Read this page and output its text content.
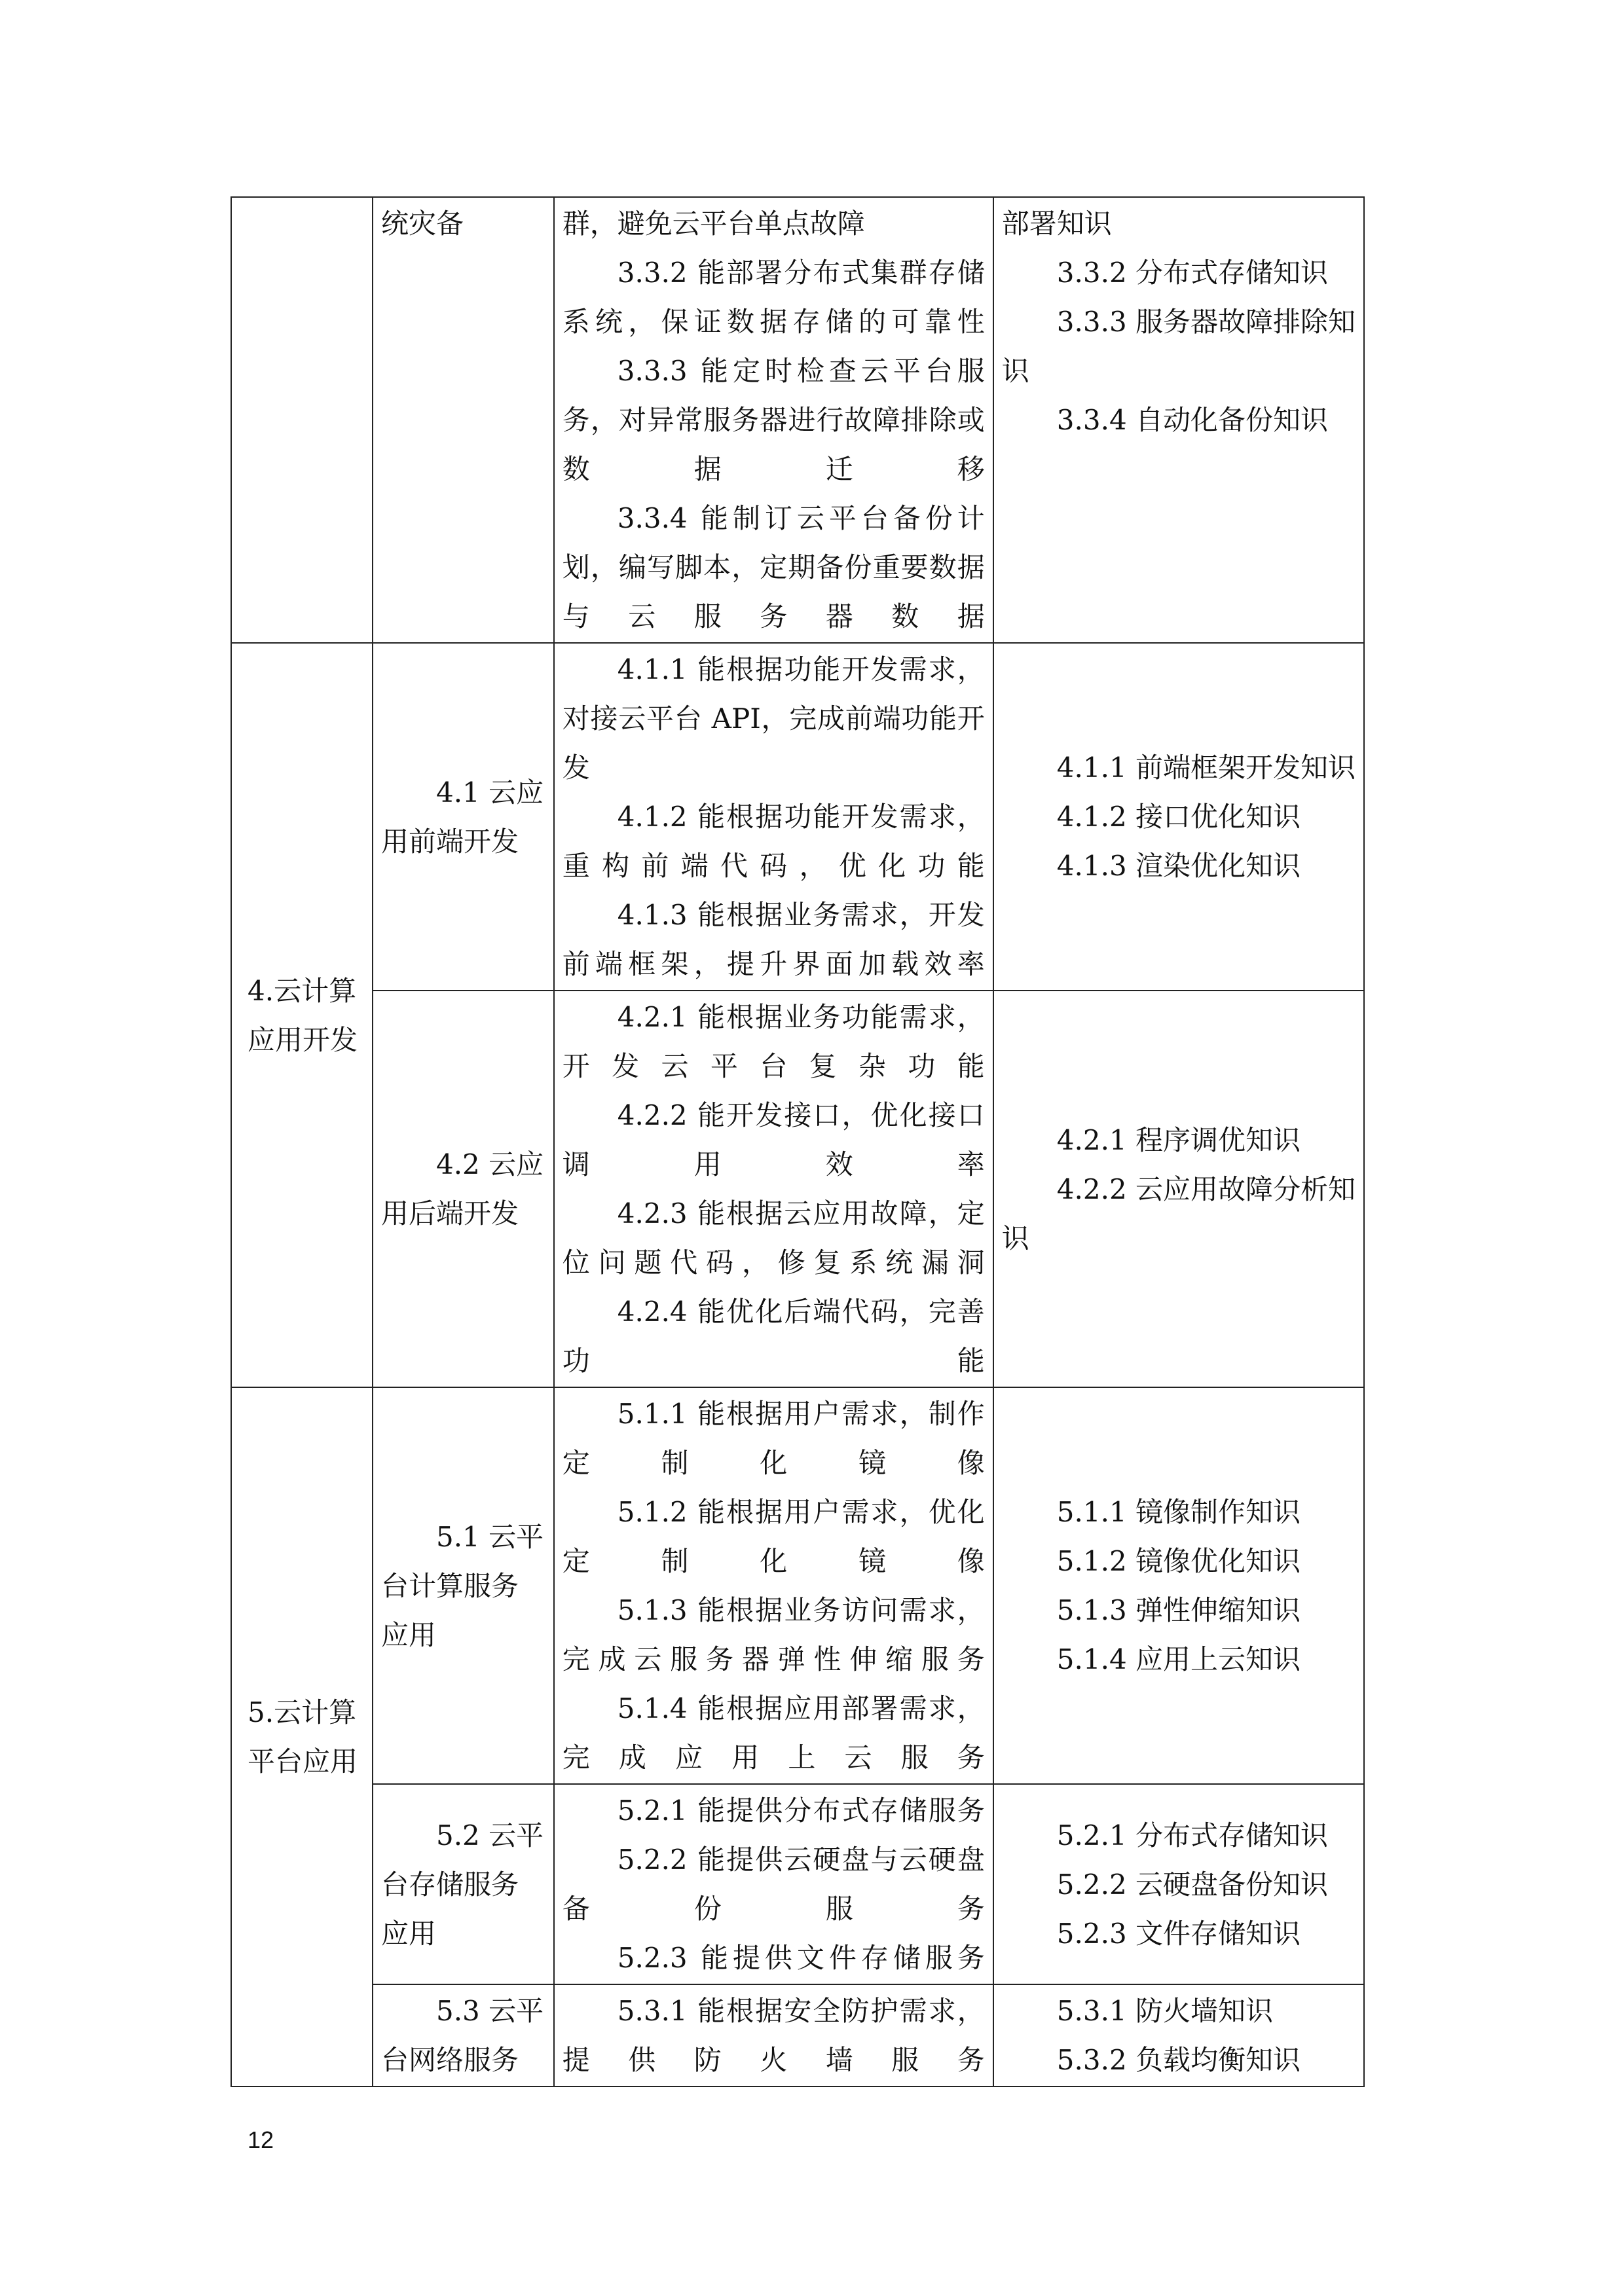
	统灾备	群，避免云平台单点故障
3.3.2 能部署分布式集群存储系统，保证数据存储的可靠性
3.3.3 能定时检查云平台服务，对异常服务器进行故障排除或数据迁移
3.3.4 能制订云平台备份计划，编写脚本，定期备份重要数据与云服务器数据	部署知识
3.3.2 分布式存储知识
3.3.3 服务器故障排除知识
3.3.4 自动化备份知识

4.云计算应用开发	4.1 云应用前端开发	4.1.1 能根据功能开发需求，对接云平台 API，完成前端功能开发
4.1.2 能根据功能开发需求，重构前端代码，优化功能
4.1.3 能根据业务需求，开发前端框架，提升界面加载效率	4.1.1 前端框架开发知识
4.1.2 接口优化知识
4.1.3 渲染优化知识

	4.2 云应用后端开发	4.2.1 能根据业务功能需求，开发云平台复杂功能
4.2.2 能开发接口，优化接口调用效率
4.2.3 能根据云应用故障，定位问题代码，修复系统漏洞
4.2.4 能优化后端代码，完善功能	4.2.1 程序调优知识
4.2.2 云应用故障分析知识

5.云计算平台应用	5.1 云平台计算服务应用	5.1.1 能根据用户需求，制作定制化镜像
5.1.2 能根据用户需求，优化定制化镜像
5.1.3 能根据业务访问需求，完成云服务器弹性伸缩服务
5.1.4 能根据应用部署需求，完成应用上云服务	5.1.1 镜像制作知识
5.1.2 镜像优化知识
5.1.3 弹性伸缩知识
5.1.4 应用上云知识

	5.2 云平台存储服务应用	5.2.1 能提供分布式存储服务
5.2.2 能提供云硬盘与云硬盘备份服务
5.2.3 能提供文件存储服务	5.2.1 分布式存储知识
5.2.2 云硬盘备份知识
5.2.3 文件存储知识

	5.3 云平台网络服务	5.3.1 能根据安全防护需求，提供防火墙服务	5.3.1 防火墙知识
5.3.2 负载均衡知识
12
